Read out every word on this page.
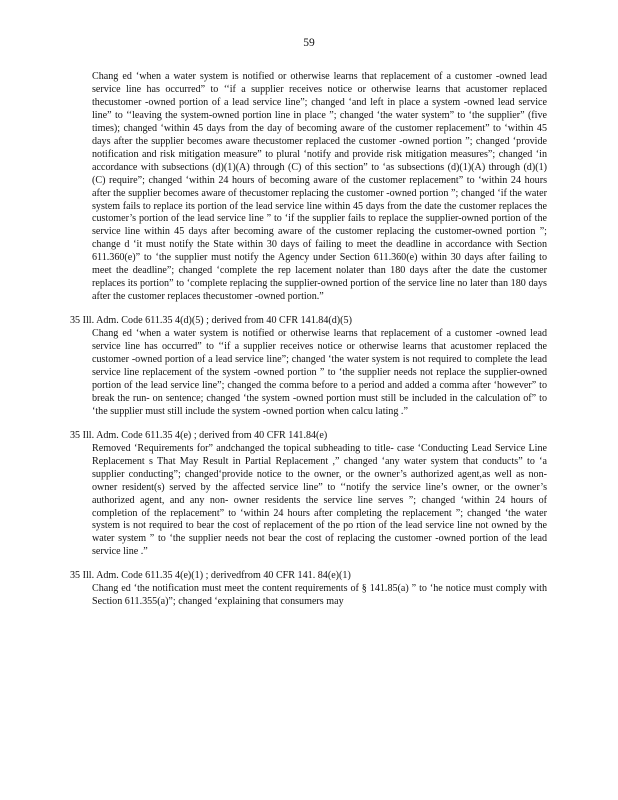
59

Chang ed ‘when a water system is notified or otherwise learns that replacement of a customer -owned lead service line has occurred” to ‘‘if a supplier receives notice or otherwise learns that acustomer replaced thecustomer -owned portion of a lead service line”; changed ‘and left in place a system -owned lead service line” to ‘‘leaving the system-owned portion line in place ”; changed ‘the water system” to ‘the supplier” (five times); changed ‘within 45 days from the day of becoming aware of the customer replacement” to ‘within 45 days after the supplier becomes aware thecustomer replaced the customer -owned portion ”; changed ‘provide notification and risk mitigation measure” to plural ‘notify and provide risk mitigation measures”; changed ‘in accordance with subsections (d)(1)(A) through (C) of this section” to ‘as subsections (d)(1)(A) through (d)(1)(C) require”; changed ‘within 24 hours of becoming aware of the customer replacement” to ‘within 24 hours after the supplier becomes aware of thecustomer replacing the customer -owned portion ”; changed ‘if the water system fails to replace its portion of the lead service line within 45 days from the date the customer replaces the customer’s portion of the lead service line ” to ‘if the supplier fails to replace the supplier-owned portion of the service line within 45 days after becoming aware of the customer replacing the customer-owned portion ”; change d ‘it must notify the State within 30 days of failing to meet the deadline in accordance with Section 611.360(e)” to ‘the supplier must notify the Agency under Section 611.360(e) within 30 days after failing to meet the deadline”; changed ‘complete the rep lacement nolater than 180 days after the date the customer replaces its portion” to ‘complete replacing the supplier-owned portion of the service line no later than 180 days after the customer replaces thecustomer -owned portion.”

35 Ill. Adm. Code 611.35 4(d)(5) ; derived from 40 CFR 141.84(d)(5)

Chang ed ‘when a water system is notified or otherwise learns that replacement of a customer -owned lead service line has occurred” to ‘‘if a supplier receives notice or otherwise learns that acustomer replaced the customer -owned portion of a lead service line”; changed ‘the water system is not required to complete the lead service line replacement of the system -owned portion ” to ‘the supplier needs not replace the supplier-owned portion of the lead service line”; changed the comma before to a period and added a comma after ‘however” to break the run- on sentence; changed ‘the system -owned portion must still be included in the calculation of” to ‘the supplier must still include the system -owned portion when calcu lating .”

35 Ill. Adm. Code 611.35 4(e) ; derived from 40 CFR 141.84(e)

Removed ‘Requirements for” andchanged the topical subheading to title- case ‘Conducting Lead Service Line Replacement s That May Result in Partial Replacement ,” changed ‘any water system that conducts” to ‘a supplier conducting”; changed‘provide notice to the owner, or the owner’s authorized agent,as well as non-owner resident(s) served by the affected service line” to ‘‘notify the service line’s owner, or the owner’s authorized agent, and any non- owner residents the service line serves ”; changed ‘within 24 hours of completion of the replacement” to ‘within 24 hours after completing the replacement ”; changed ‘the water system is not required to bear the cost of replacement of the po rtion of the lead service line not owned by the water system ” to ‘the supplier needs not bear the cost of replacing the customer -owned portion of the lead service line .”

35 Ill. Adm. Code 611.35 4(e)(1) ; derivedfrom 40 CFR 141. 84(e)(1)

Chang ed ‘the notification must meet the content requirements of § 141.85(a) ” to ‘he notice must comply with Section 611.355(a)”; changed ‘explaining that consumers may
